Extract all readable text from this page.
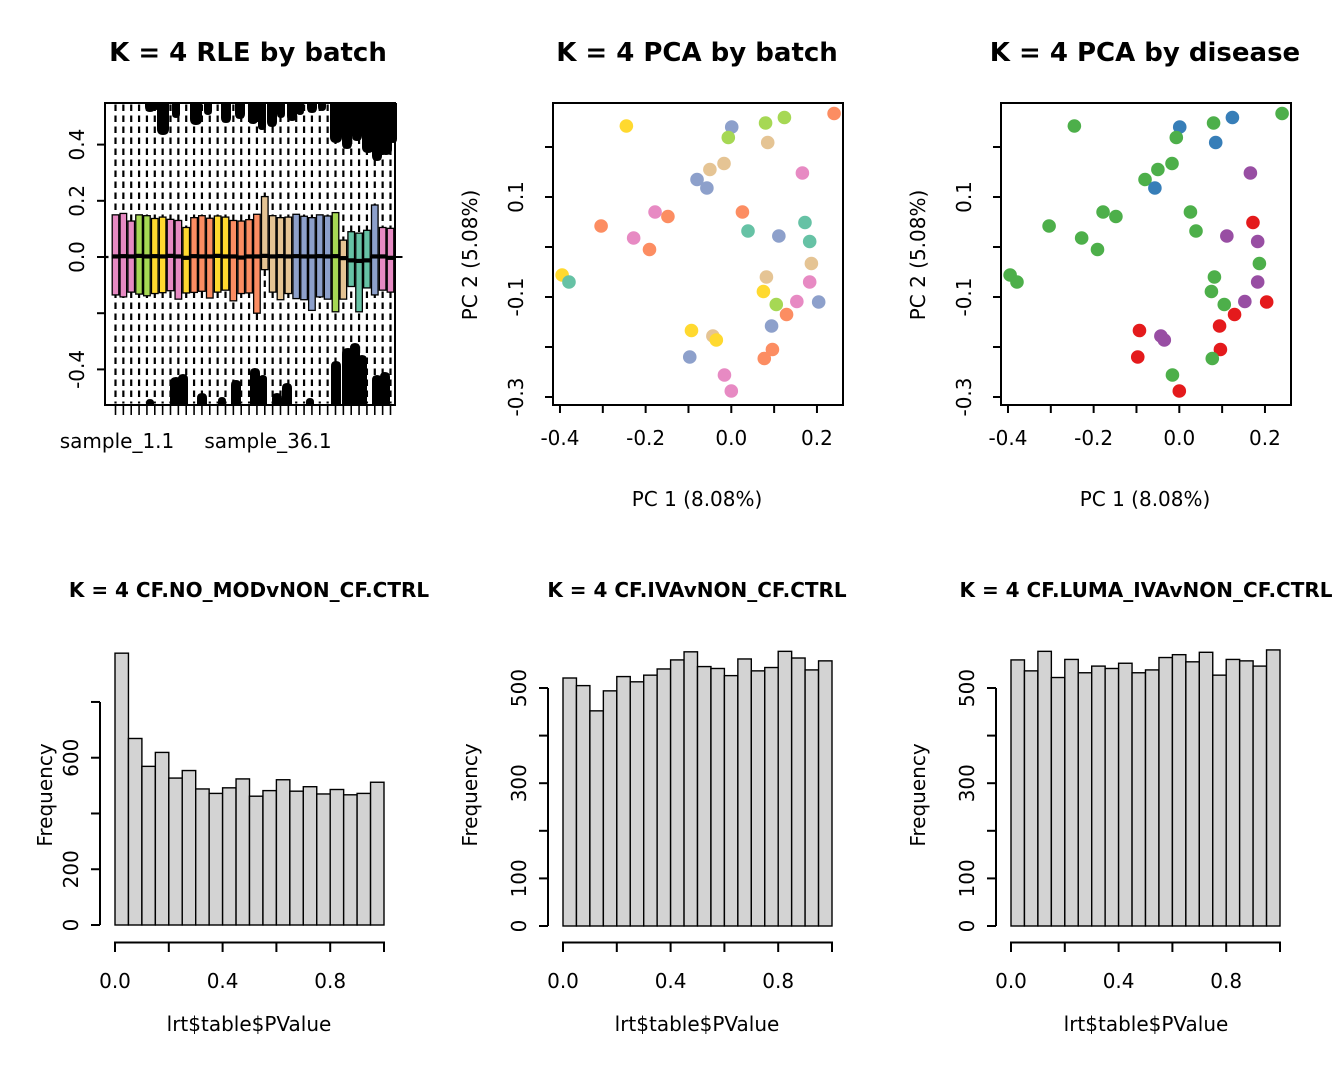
0.4
0.2
0.0
-0.4
-0.4 -0.2	0.0	0.2
0.1
-0.1
-0.3
-0.4 -0.2	0.0	0.2
0.1
-0.1
-0.3
0
200
600
0.0	0.4	0.8
0
100
300
500
0.0	0.4	0.8
0
100
300
500
0.0	0.4	0.8
K = 4 RLE by batch	K = 4 PCA by batch	K = 4 PCA by disease
sample_1.1 sample_36.1
PC 2 (5.08%)
PC 1 (8.08%)
PC 2 (5.08%)
PC 1 (8.08%)
K = 4 CF.NO_MODvNON_CF.CTRL	K = 4 CF.IVAvNON_CF.CTRL	K = 4 CF.LUMA_IVAvNON_CF.CTRL
Frequency	Frequency	Frequency
lrt$table$PValue	lrt$table$PValue	lrt$table$PValue
